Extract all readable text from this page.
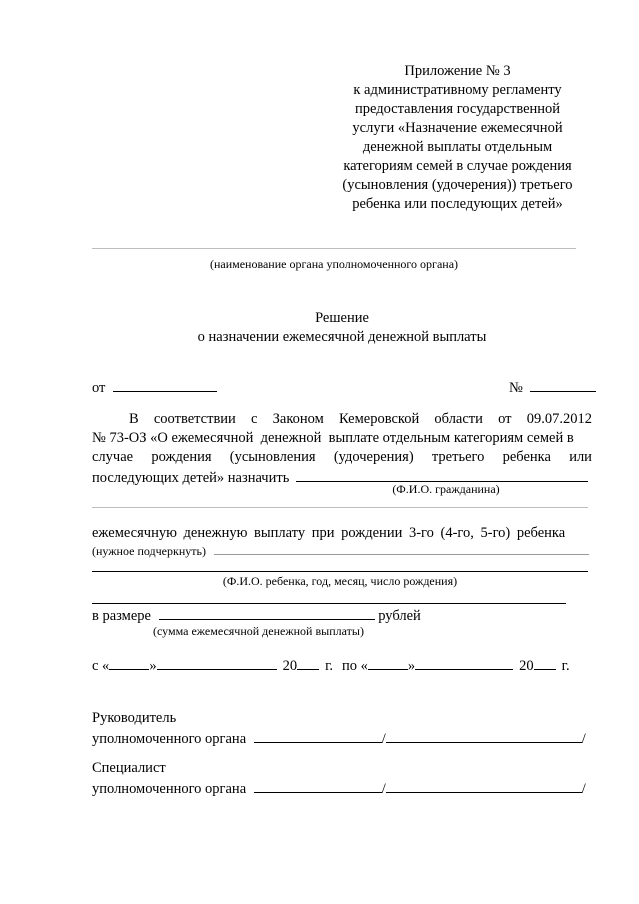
Приложение № 3
к административному регламенту
предоставления государственной
услуги «Назначение ежемесячной
денежной выплаты отдельным
категориям семей в случае рождения
(усыновления (удочерения)) третьего
ребенка или последующих детей»
(наименование органа уполномоченного органа)
Решение
о назначении ежемесячной денежной выплаты
от	№
В соответствии с Законом Кемеровской области от 09.07.2012
№ 73-ОЗ «О ежемесячной  денежной  выплате отдельным категориям семей в
случае рождения (усыновления (удочерения) третьего ребенка или
последующих детей» назначить
(Ф.И.О. гражданина)
ежемесячную денежную выплату при рождении 3-го (4-го, 5-го) ребенка
(нужное подчеркнуть)
(Ф.И.О. ребенка, год, месяц, число рождения)
в размере	рублей
(сумма ежемесячной денежной выплаты)
с «	»	20 г. по «	»	20 г.
Руководитель
уполномоченного органа	/	/
Специалист
уполномоченного органа	/	/
